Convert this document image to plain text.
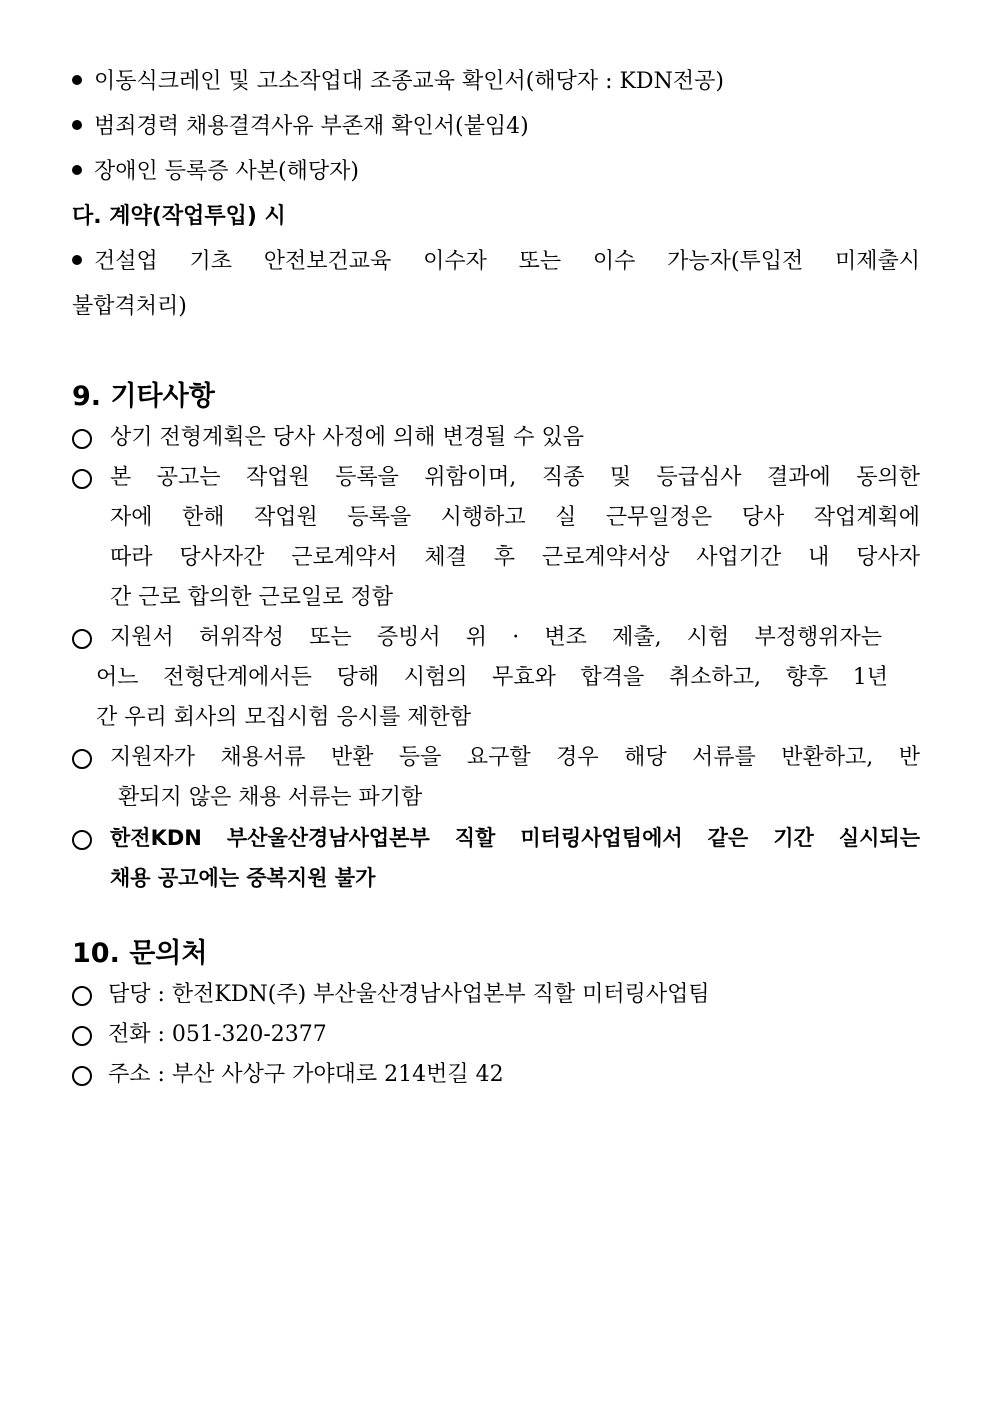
이동식크레인 및 고소작업대 조종교육 확인서(해당자 : KDN전공)
범죄경력 채용결격사유 부존재 확인서(붙임4)
장애인 등록증 사본(해당자)
다. 계약(작업투입) 시
건설업 기초 안전보건교육 이수자 또는 이수 가능자(투입전 미제출시
불합격처리)
9. 기타사항
상기 전형계획은 당사 사정에 의해 변경될 수 있음
본 공고는 작업원 등록을 위함이며, 직종 및 등급심사 결과에 동의한
자에 한해 작업원 등록을 시행하고 실 근무일정은 당사 작업계획에
따라 당사자간 근로계약서 체결 후 근로계약서상 사업기간 내 당사자
간 근로 합의한 근로일로 정함
지원서 허위작성 또는 증빙서 위 · 변조 제출, 시험 부정행위자는
어느 전형단계에서든 당해 시험의 무효와 합격을 취소하고, 향후 1년
간 우리 회사의 모집시험 응시를 제한함
지원자가 채용서류 반환 등을 요구할 경우 해당 서류를 반환하고, 반
환되지 않은 채용 서류는 파기함
한전KDN 부산울산경남사업본부 직할 미터링사업팀에서 같은 기간 실시되는
채용 공고에는 중복지원 불가
10. 문의처
담당 : 한전KDN(주) 부산울산경남사업본부 직할 미터링사업팀
전화 : 051-320-2377
주소 : 부산 사상구 가야대로 214번길 42
